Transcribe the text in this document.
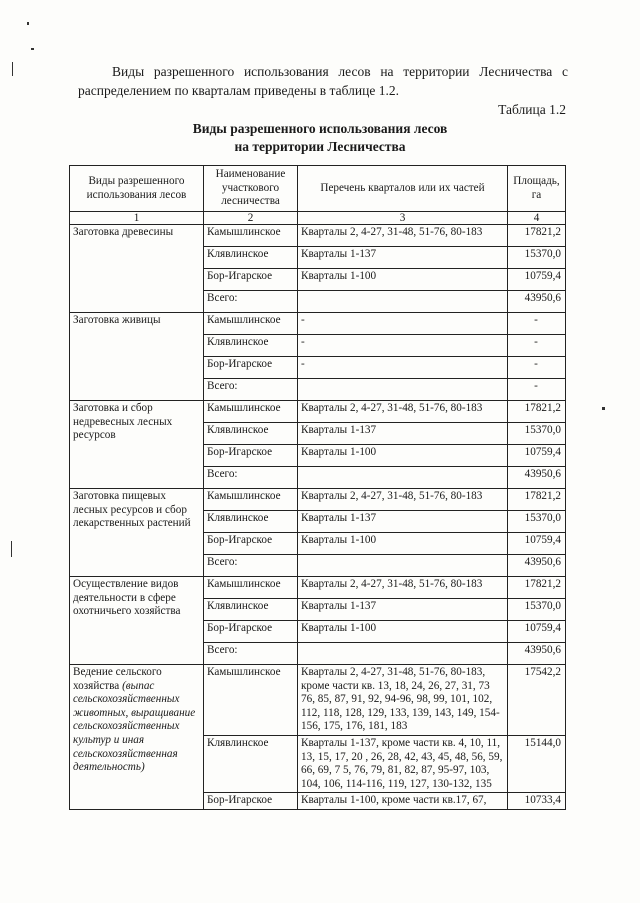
Виды разрешенного использования лесов на территории Лесничества с распределением по кварталам приведены в таблице 1.2.
Таблица 1.2
Виды разрешенного использования лесов
на территории Лесничества
Виды разрешенного использования лесов	Наименование участкового лесничества	Перечень кварталов или их частей	Площадь, га
1	2	3	4
Заготовка древесины	Камышлинское	Кварталы 2, 4-27, 31-48, 51-76, 80-183	17821,2
	Клявлинское	Кварталы 1-137	15370,0
	Бор-Игарское	Кварталы 1-100	10759,4
	Всего:		43950,6
Заготовка живицы	Камышлинское	-	-
	Клявлинское	-	-
	Бор-Игарское	-	-
	Всего:		-
Заготовка и сбор недревесных лесных ресурсов	Камышлинское	Кварталы 2, 4-27, 31-48, 51-76, 80-183	17821,2
	Клявлинское	Кварталы 1-137	15370,0
	Бор-Игарское	Кварталы 1-100	10759,4
	Всего:		43950,6
Заготовка пищевых лесных ресурсов и сбор лекарственных растений	Камышлинское	Кварталы 2, 4-27, 31-48, 51-76, 80-183	17821,2
	Клявлинское	Кварталы 1-137	15370,0
	Бор-Игарское	Кварталы 1-100	10759,4
	Всего:		43950,6
Осуществление видов деятельности в сфере охотничьего хозяйства	Камышлинское	Кварталы 2, 4-27, 31-48, 51-76, 80-183	17821,2
	Клявлинское	Кварталы 1-137	15370,0
	Бор-Игарское	Кварталы 1-100	10759,4
	Всего:		43950,6
Ведение сельского хозяйства (выпас сельскохозяйственных животных, выращивание сельскохозяйственных культур и иная сельскохозяйственная деятельность)	Камышлинское	Кварталы 2, 4-27, 31-48, 51-76, 80-183, кроме части кв. 13, 18, 24, 26, 27, 31, 73 76, 85, 87, 91, 92, 94-96, 98, 99, 101, 102, 112, 118, 128, 129, 133, 139, 143, 149, 154-156, 175, 176, 181, 183	17542,2
	Клявлинское	Кварталы 1-137, кроме части кв. 4, 10, 11, 13, 15, 17, 20 , 26, 28, 42, 43, 45, 48, 56, 59, 66, 69, 7 5, 76, 79, 81, 82, 87, 95-97, 103, 104, 106, 114-116, 119, 127, 130-132, 135	15144,0
	Бор-Игарское	Кварталы 1-100, кроме части кв.17, 67,	10733,4
